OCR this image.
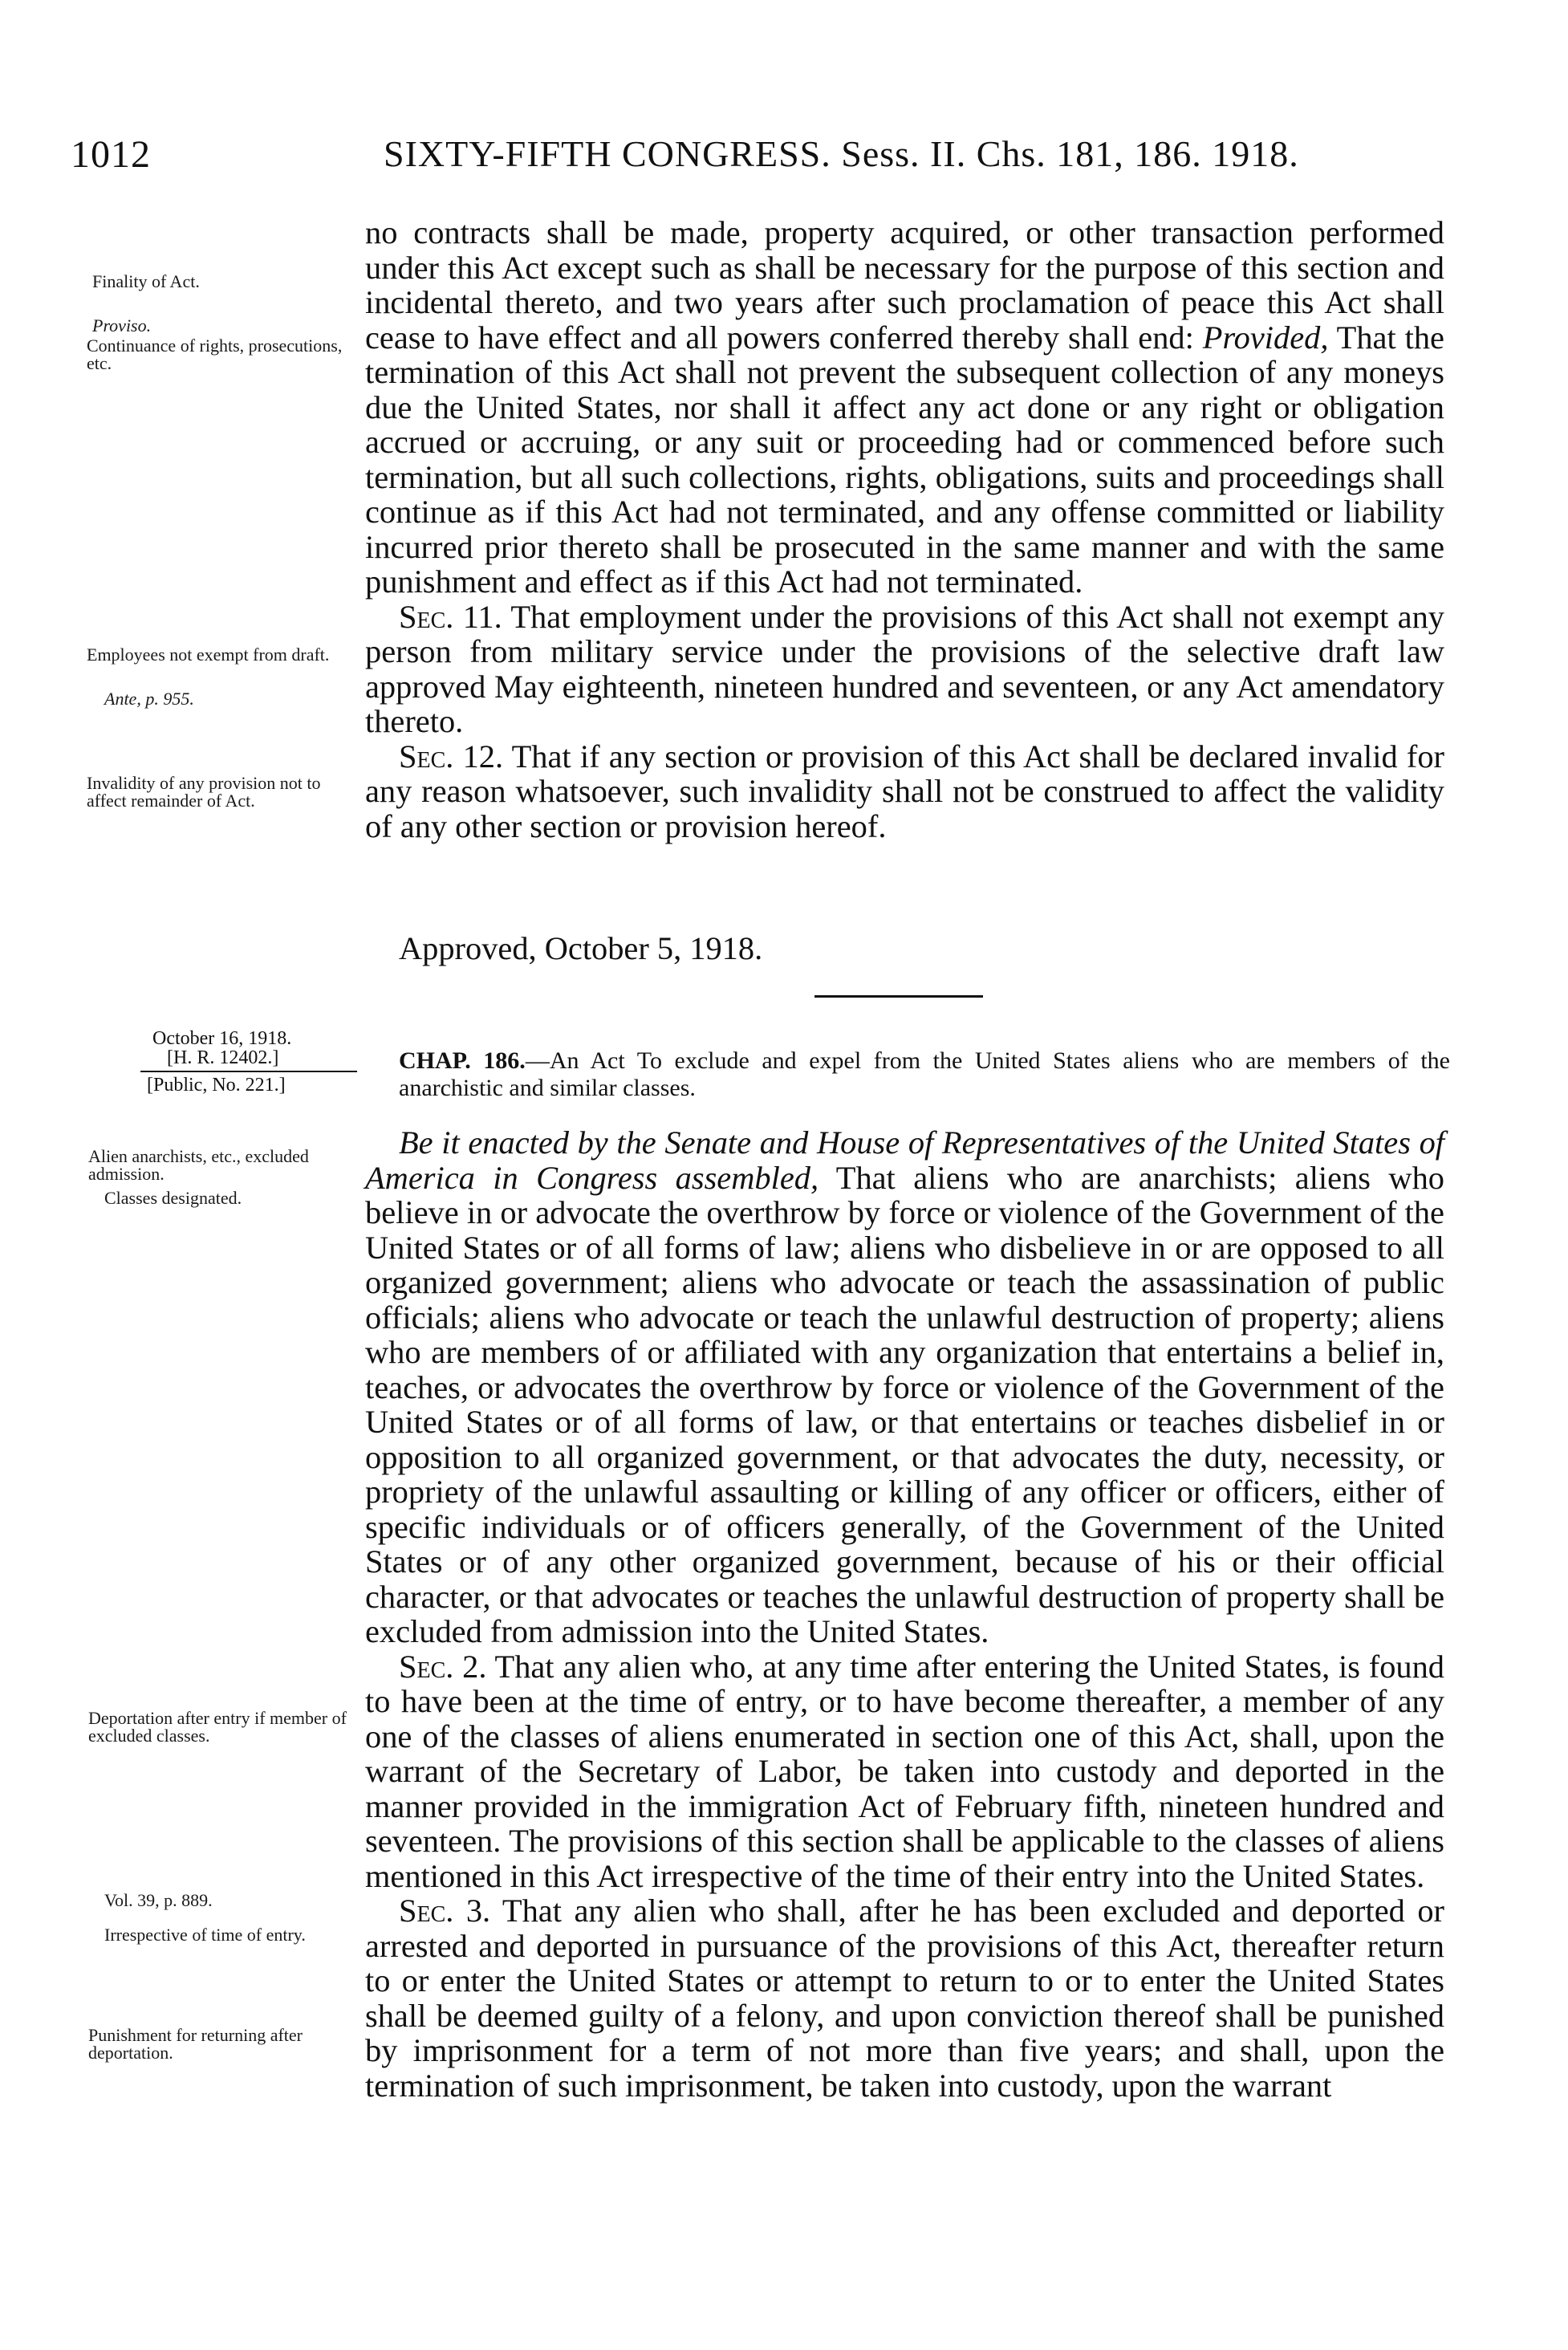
1012	SIXTY-FIFTH CONGRESS. Sess. II. Chs. 181, 186. 1918.
Finality of Act.
Proviso.
Continuance of rights, prosecutions, etc.
Employees not exempt from draft.
Ante, p. 955.
Invalidity of any provision not to affect remainder of Act.
October 16, 1918.
[H. R. 12402.]
[Public, No. 221.]
Alien anarchists, etc., excluded admission.
Classes designated.
Deportation after entry if member of excluded classes.
Vol. 39, p. 889.
Irrespective of time of entry.
Punishment for returning after deportation.

no contracts shall be made, property acquired, or other transaction performed under this Act except such as shall be necessary for the purpose of this section and incidental thereto, and two years after such proclamation of peace this Act shall cease to have effect and all powers conferred thereby shall end: Provided, That the termination of this Act shall not prevent the subsequent collection of any moneys due the United States, nor shall it affect any act done or any right or obligation accrued or accruing, or any suit or proceeding had or commenced before such termination, but all such collections, rights, obligations, suits and proceedings shall continue as if this Act had not terminated, and any offense committed or liability incurred prior thereto shall be prosecuted in the same manner and with the same punishment and effect as if this Act had not terminated.

Sec. 11. That employment under the provisions of this Act shall not exempt any person from military service under the provisions of the selective draft law approved May eighteenth, nineteen hundred and seventeen, or any Act amendatory thereto.

Sec. 12. That if any section or provision of this Act shall be declared invalid for any reason whatsoever, such invalidity shall not be construed to affect the validity of any other section or provision hereof.

Approved, October 5, 1918.
CHAP. 186.—An Act To exclude and expel from the United States aliens who are members of the anarchistic and similar classes.

Be it enacted by the Senate and House of Representatives of the United States of America in Congress assembled, That aliens who are anarchists; aliens who believe in or advocate the overthrow by force or violence of the Government of the United States or of all forms of law; aliens who disbelieve in or are opposed to all organized government; aliens who advocate or teach the assassination of public officials; aliens who advocate or teach the unlawful destruction of property; aliens who are members of or affiliated with any organization that entertains a belief in, teaches, or advocates the overthrow by force or violence of the Government of the United States or of all forms of law, or that entertains or teaches disbelief in or opposition to all organized government, or that advocates the duty, necessity, or propriety of the unlawful assaulting or killing of any officer or officers, either of specific individuals or of officers generally, of the Government of the United States or of any other organized government, because of his or their official character, or that advocates or teaches the unlawful destruction of property shall be excluded from admission into the United States.

Sec. 2. That any alien who, at any time after entering the United States, is found to have been at the time of entry, or to have become thereafter, a member of any one of the classes of aliens enumerated in section one of this Act, shall, upon the warrant of the Secretary of Labor, be taken into custody and deported in the manner provided in the immigration Act of February fifth, nineteen hundred and seventeen. The provisions of this section shall be applicable to the classes of aliens mentioned in this Act irrespective of the time of their entry into the United States.

Sec. 3. That any alien who shall, after he has been excluded and deported or arrested and deported in pursuance of the provisions of this Act, thereafter return to or enter the United States or attempt to return to or to enter the United States shall be deemed guilty of a felony, and upon conviction thereof shall be punished by imprisonment for a term of not more than five years; and shall, upon the termination of such imprisonment, be taken into custody, upon the warrant
